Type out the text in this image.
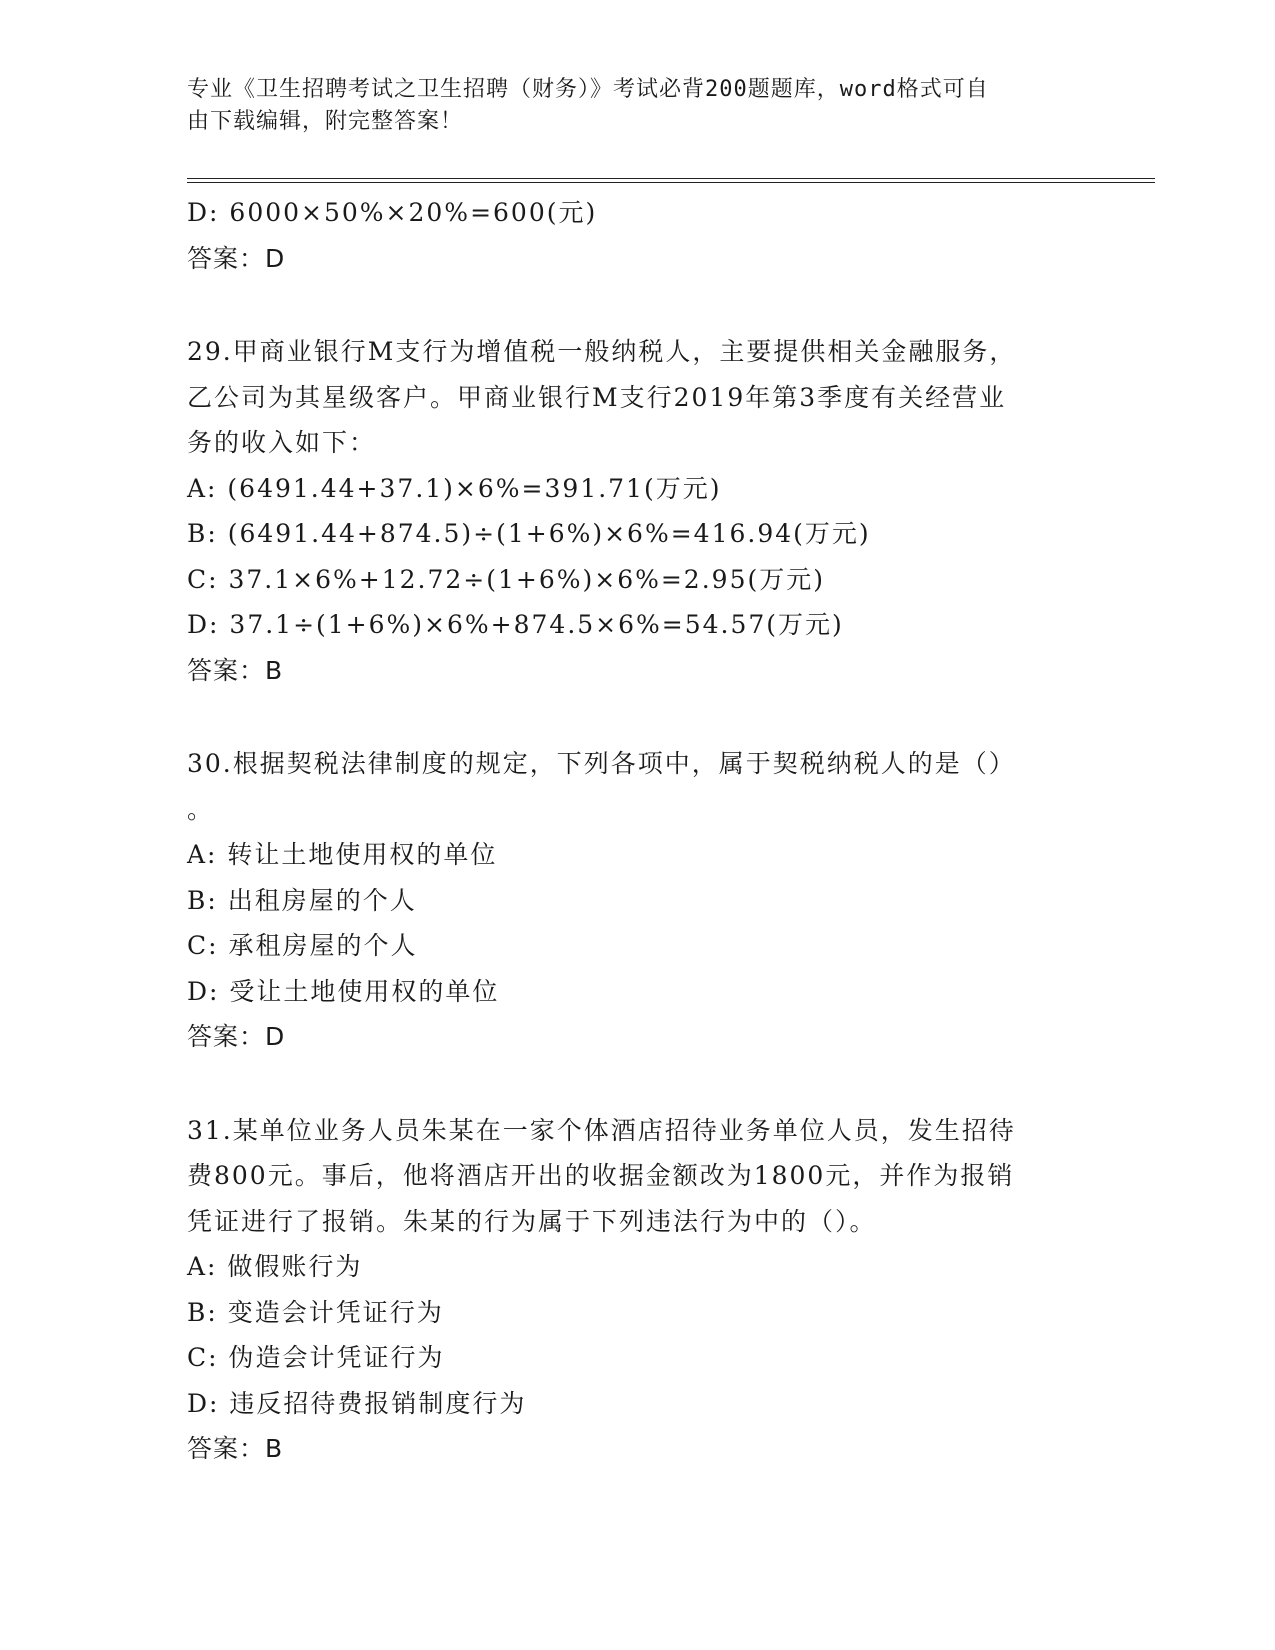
专业《卫生招聘考试之卫生招聘（财务）》考试必背200题题库，word格式可自
由下载编辑，附完整答案！
D: 6000×50%×20%=600(元)
答案：D
29.甲商业银行M支行为增值税一般纳税人，主要提供相关金融服务，
乙公司为其星级客户。甲商业银行M支行2019年第3季度有关经营业
务的收入如下：
A: (6491.44+37.1)×6%=391.71(万元)
B: (6491.44+874.5)÷(1+6%)×6%=416.94(万元)
C: 37.1×6%+12.72÷(1+6%)×6%=2.95(万元)
D: 37.1÷(1+6%)×6%+874.5×6%=54.57(万元)
答案：B
30.根据契税法律制度的规定，下列各项中，属于契税纳税人的是（）
。
A: 转让土地使用权的单位
B: 出租房屋的个人
C: 承租房屋的个人
D: 受让土地使用权的单位
答案：D
31.某单位业务人员朱某在一家个体酒店招待业务单位人员，发生招待
费800元。事后，他将酒店开出的收据金额改为1800元，并作为报销
凭证进行了报销。朱某的行为属于下列违法行为中的（）。
A: 做假账行为
B: 变造会计凭证行为
C: 伪造会计凭证行为
D: 违反招待费报销制度行为
答案：B
